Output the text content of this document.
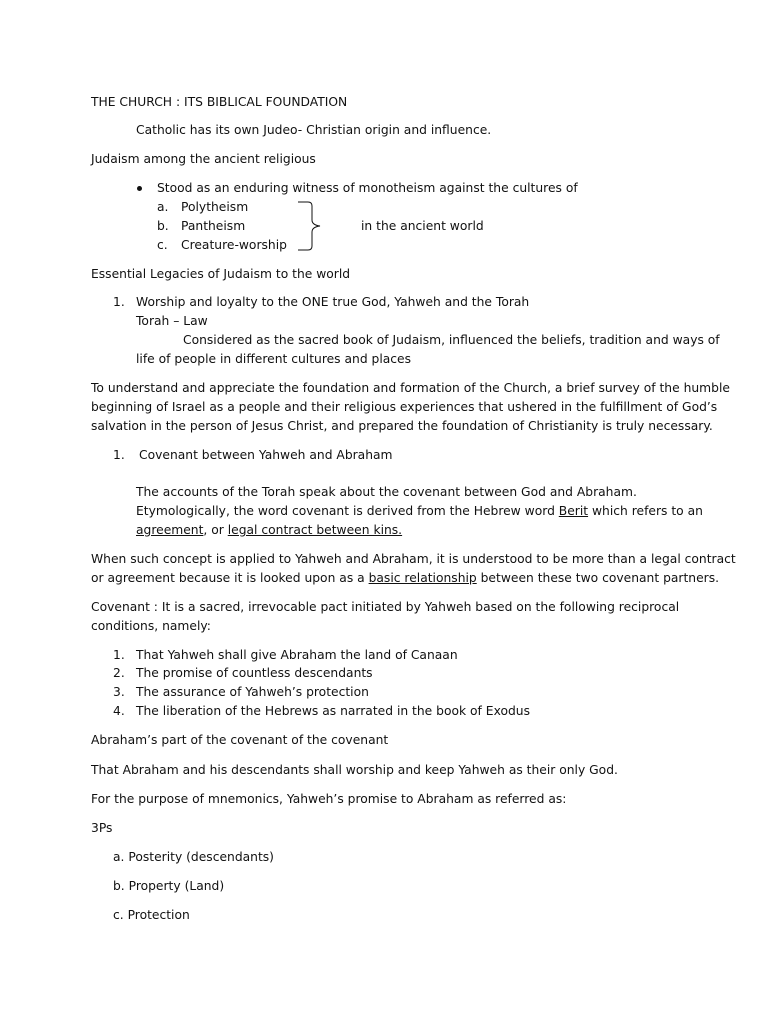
THE CHURCH : ITS BIBLICAL FOUNDATION
Catholic has its own Judeo- Christian origin and influence.
Judaism among the ancient religious
Stood as an enduring witness of monotheism against the cultures of
a. Polytheism
b. Pantheism
c. Creature-worship
in the ancient world
Essential Legacies of Judaism to the world
1. Worship and loyalty to the ONE true God, Yahweh and the Torah
Torah – Law
Considered as the sacred book of Judaism, influenced the beliefs, tradition and ways of
life of people in different cultures and places
To understand and appreciate the foundation and formation of the Church, a brief survey of the humble
beginning of Israel as a people and their religious experiences that ushered in the fulfillment of God’s
salvation in the person of Jesus Christ, and prepared the foundation of Christianity is truly necessary.
1. Covenant between Yahweh and Abraham
The accounts of the Torah speak about the covenant between God and Abraham.
Etymologically, the word covenant is derived from the Hebrew word Berit which refers to an
agreement, or legal contract between kins.
When such concept is applied to Yahweh and Abraham, it is understood to be more than a legal contract
or agreement because it is looked upon as a basic relationship between these two covenant partners.
Covenant : It is a sacred, irrevocable pact initiated by Yahweh based on the following reciprocal
conditions, namely:
1. That Yahweh shall give Abraham the land of Canaan
2. The promise of countless descendants
3. The assurance of Yahweh’s protection
4. The liberation of the Hebrews as narrated in the book of Exodus
Abraham’s part of the covenant of the covenant
That Abraham and his descendants shall worship and keep Yahweh as their only God.
For the purpose of mnemonics, Yahweh’s promise to Abraham as referred as:
3Ps
a. Posterity (descendants)
b. Property (Land)
c. Protection
